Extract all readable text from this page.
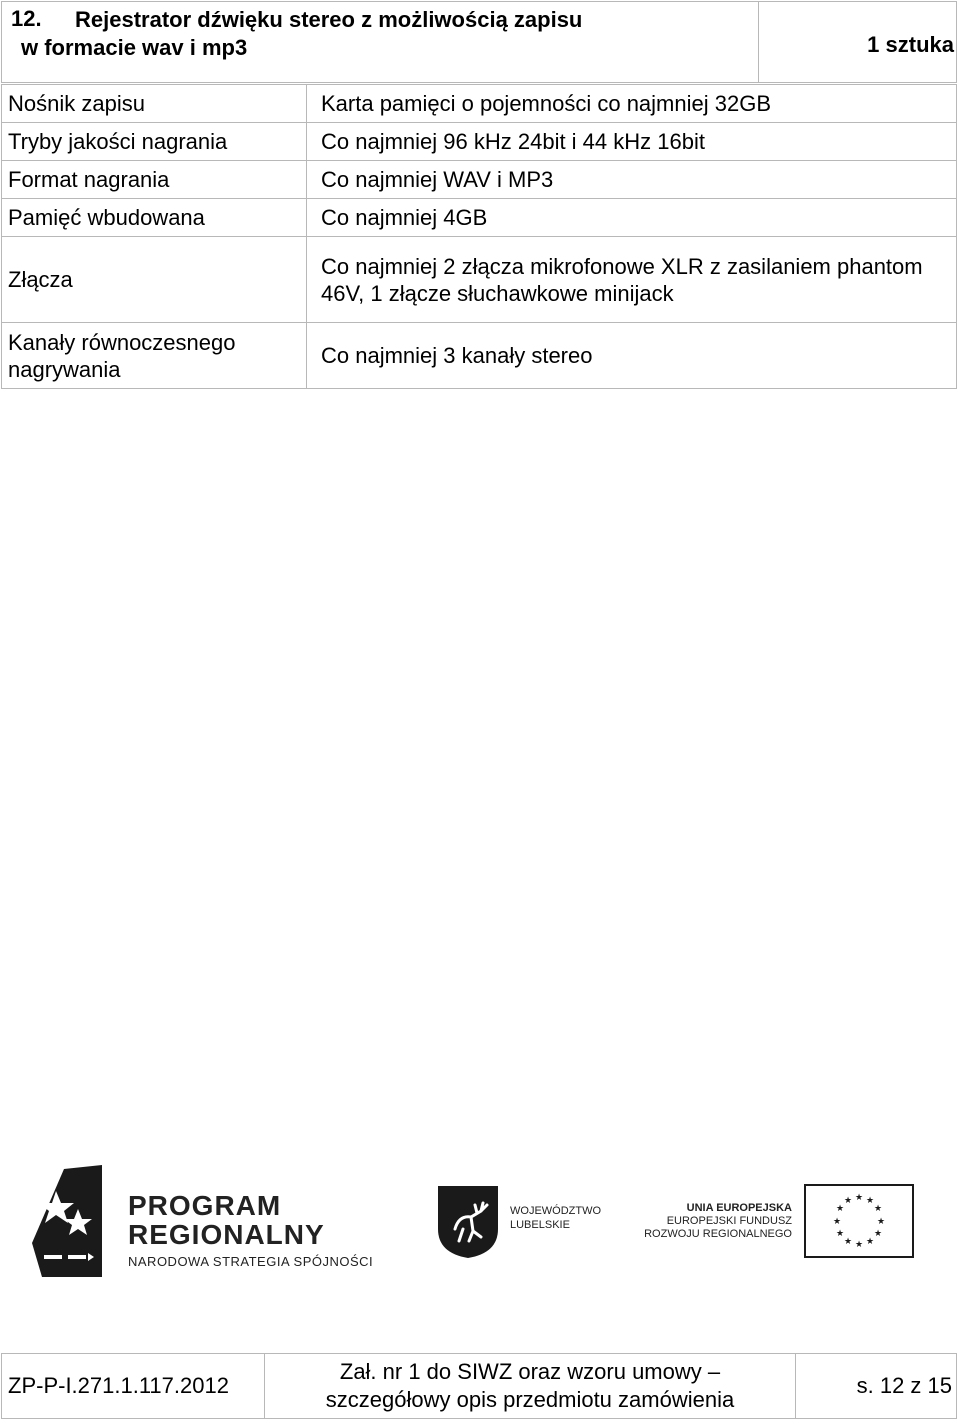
12. Rejestrator dźwięku stereo z możliwością zapisu
w formacie wav i mp3	1 sztuka
Nośnik zapisu	Karta pamięci o pojemności co najmniej 32GB
Tryby jakości nagrania	Co najmniej 96 kHz 24bit i 44 kHz 16bit
Format nagrania	Co najmniej WAV i MP3
Pamięć wbudowana	Co najmniej 4GB
Złącza	Co najmniej 2 złącza mikrofonowe XLR z zasilaniem phantom 46V, 1 złącze słuchawkowe minijack
Kanały równoczesnego nagrywania	Co najmniej 3 kanały stereo
PROGRAM
REGIONALNY
NARODOWA STRATEGIA SPÓJNOŚCI
WOJEWÓDZTWO
LUBELSKIE
UNIA EUROPEJSKA
EUROPEJSKI FUNDUSZ
ROZWOJU REGIONALNEGO
★ ★
★
★
★
★
★
★
★
★
★
★
ZP-P-I.271.1.117.2012	
Zał. nr 1 do SIWZ oraz wzoru umowy –
szczegółowy opis przedmiotu zamówienia
	s. 12 z 15
